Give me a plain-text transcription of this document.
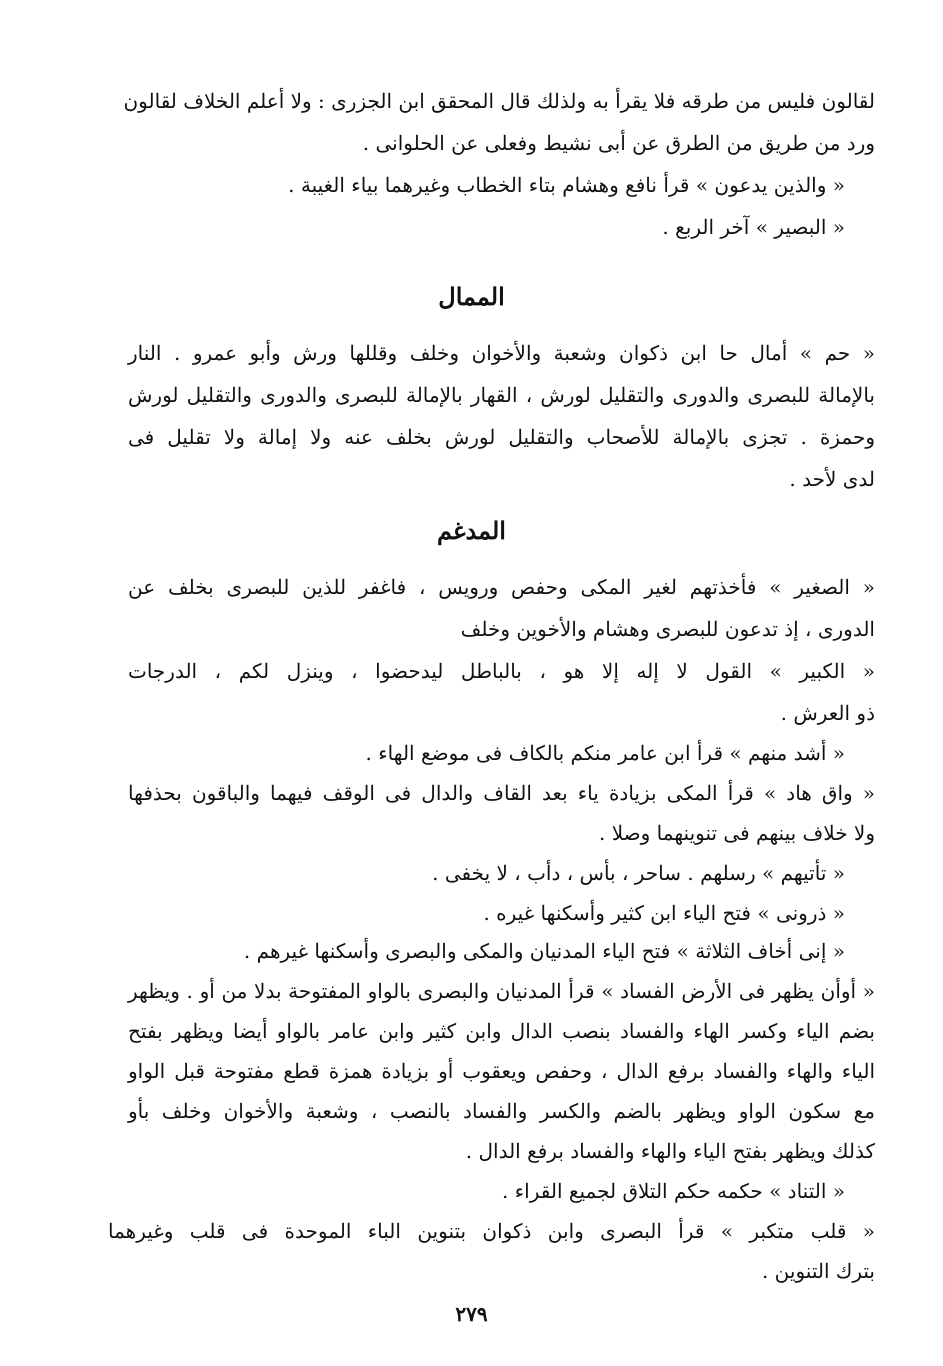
لقالون فليس من طرقه فلا يقرأ به ولذلك قال المحقق ابن الجزرى : ولا أعلم الخلاف لقالون
ورد من طريق من الطرق عن أبى نشيط وفعلى عن الحلوانى .
« والذين يدعون » قرأ نافع وهشام بتاء الخطاب وغيرهما بياء الغيبة .
« البصير » آخر الربع .
الممال
« حم » أمال حا ابن ذكوان وشعبة والأخوان وخلف وقللها ورش وأبو عمرو . النار
بالإمالة للبصرى والدورى والتقليل لورش ، القهار بالإمالة للبصرى والدورى والتقليل لورش
وحمزة . تجزى بالإمالة للأصحاب والتقليل لورش بخلف عنه ولا إمالة ولا تقليل فى
لدى لأحد .
المدغم
« الصغير » فأخذتهم لغير المكى وحفص ورويس ، فاغفر للذين للبصرى بخلف عن
الدورى ، إذ تدعون للبصرى وهشام والأخوين وخلف
« الكبير » القول لا إله إلا هو ، بالباطل ليدحضوا ، وينزل لكم ، الدرجات
ذو العرش .
« أشد منهم » قرأ ابن عامر منكم بالكاف فى موضع الهاء .
« واق هاد » قرأ المكى بزيادة ياء بعد القاف والدال فى الوقف فيهما والباقون بحذفها
ولا خلاف بينهم فى تنوينهما وصلا .
« تأتيهم » رسلهم . ساحر ، بأس ، دأب ، لا يخفى .
« ذرونى » فتح الياء ابن كثير وأسكنها غيره .
« إنى أخاف الثلاثة » فتح الياء المدنيان والمكى والبصرى وأسكنها غيرهم .
« أوأن يظهر فى الأرض الفساد » قرأ المدنيان والبصرى بالواو المفتوحة بدلا من أو . ويظهر
بضم الياء وكسر الهاء والفساد بنصب الدال وابن كثير وابن عامر بالواو أيضا ويظهر بفتح
الياء والهاء والفساد برفع الدال ، وحفص ويعقوب أو بزيادة همزة قطع مفتوحة قبل الواو
مع سكون الواو ويظهر بالضم والكسر والفساد بالنصب ، وشعبة والأخوان وخلف بأو
كذلك ويظهر بفتح الياء والهاء والفساد برفع الدال .
« التناد » حكمه حكم التلاق لجميع القراء .
« قلب متكبر » قرأ البصرى وابن ذكوان بتنوين الباء الموحدة فى قلب وغيرهما
بترك التنوين .
٢٧٩
